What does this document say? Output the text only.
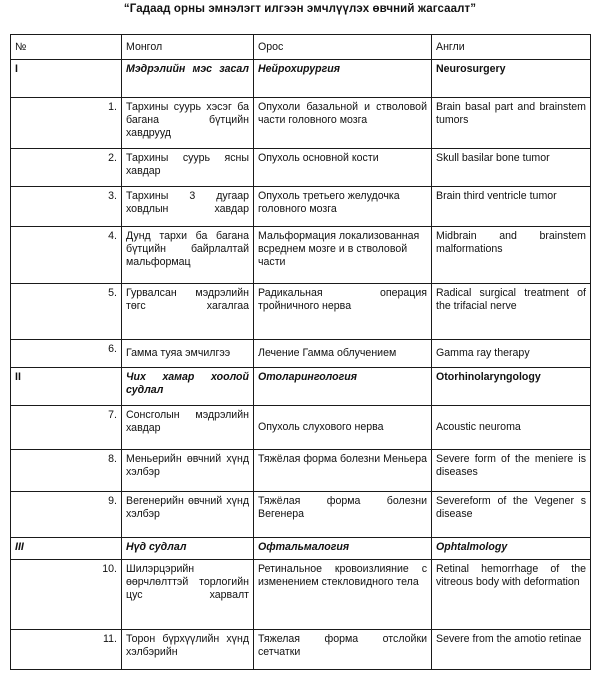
“Гадаад орны эмнэлэгт илгээн эмчлүүлэх өвчний жагсаалт”
№	Монгол	Орос	Англи
I	Мэдрэлийн мэс засал	Нейрохирургия	Neurosurgery
1.	Тархины суурь хэсэг ба багана бүтцийн хавдрууд	Опухоли базальной и стволовой части головного мозга	Brain basal part and brainstem tumors
2.	Тархины суурь ясны хавдар	Опухоль основной кости	Skull basilar bone tumor
3.	Тархины 3 дугаар ховдлын хавдар	Опухоль третьего желудочка головного мозга	Brain third ventricle tumor
4.	Дунд тархи ба багана бүтцийн байрлалтай мальформац	Мальформация локализованная всреднем мозге и в стволовой части	Midbrain and brainstem malformations
5.	Гурвалсан мэдрэлийн төгс хагалгаа	Радикальная операция тройничного нерва	Radical surgical treatment of the trifacial nerve
6.	Гамма туяа эмчилгээ	Лечение Гамма облучением	Gamma ray therapy
II	Чих хамар хоолой судлал	Отоларингология	Otorhinolaryngology
7.	Сонсголын мэдрэлийн хавдар	Опухоль слухового нерва	Acoustic neuroma
8.	Меньерийн өвчний хүнд хэлбэр	Тяжёлая форма болезни Меньера	Severe form of the meniere is diseases
9.	Вегенерийн өвчний хүнд хэлбэр	Тяжёлая форма болезни Вегенера	Severeform of the Vegener s disease
III	Нүд судлал	Офтальмалогия	Ophtalmology
10.	Шилэрцэрийн өөрчлөлттэй торлогийн цус харвалт	Ретинальное кровоизлияние с изменением стекловидного тела	Retinal hemorrhage of the vitreous body with deformation
11.	Торон бүрхүүлийн хүнд хэлбэрийн	Тяжелая форма отслойки сетчатки	Severe from the amotio retinae
